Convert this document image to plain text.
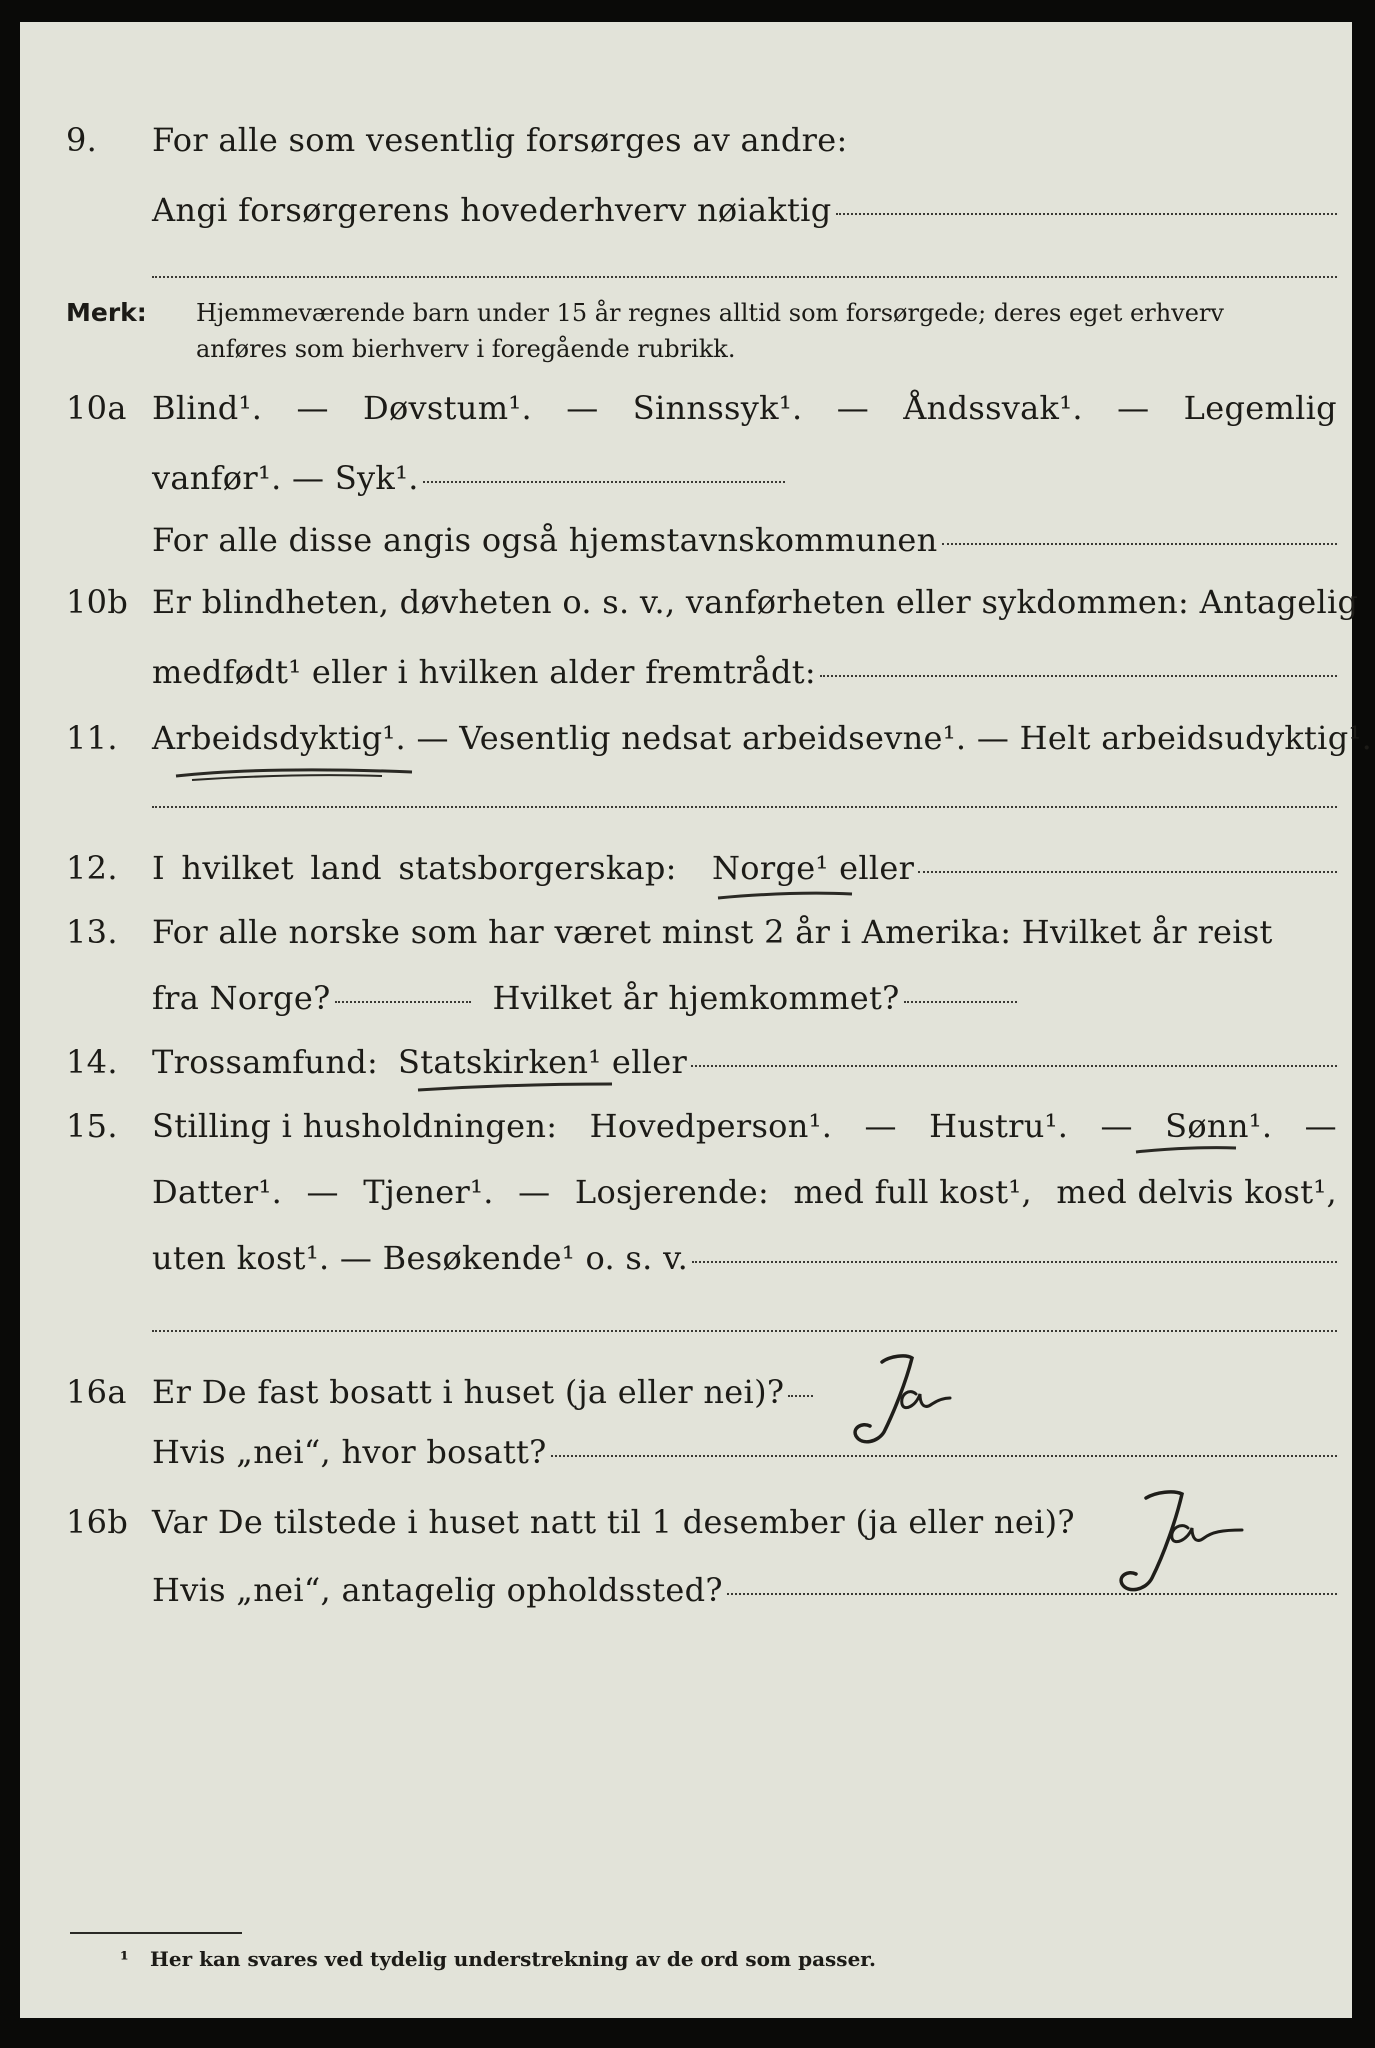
9.	For alle som vesentlig forsørges av andre:
Angi forsørgerens hovederhverv nøiaktig
Merk: Hjemmeværende barn under 15 år regnes alltid som forsørgede; deres eget erhverv
anføres som bierhverv i foregående rubrikk.
10a Blind¹. — Døvstum¹. — Sinnssyk¹. — Åndssvak¹. — Legemlig
vanfør¹. — Syk¹.
For alle disse angis også hjemstavnskommunen
10b Er blindheten, døvheten o. s. v., vanførheten eller sykdommen: Antagelig
medfødt¹ eller i hvilken alder fremtrådt:
11.	Arbeidsdyktig¹. — Vesentlig nedsat arbeidsevne¹. — Helt arbeidsudyktig¹.
12.	I hvilket land statsborgerskap:	Norge¹ eller
13.	For alle norske som har været minst 2 år i Amerika: Hvilket år reist
fra Norge?	Hvilket år hjemkommet?
14.	Trossamfund: Statskirken¹ eller
15.	Stilling i husholdningen: Hovedperson¹. — Hustru¹. — Sønn¹. —
Datter¹. — Tjener¹. — Losjerende: med full kost¹, med delvis kost¹,
uten kost¹. — Besøkende¹ o. s. v.
16a Er De fast bosatt i huset (ja eller nei)?
Hvis „nei“, hvor bosatt?
16b Var De tilstede i huset natt til 1 desember (ja eller nei)?
Hvis „nei“, antagelig opholdssted?
¹ Her kan svares ved tydelig understrekning av de ord som passer.
